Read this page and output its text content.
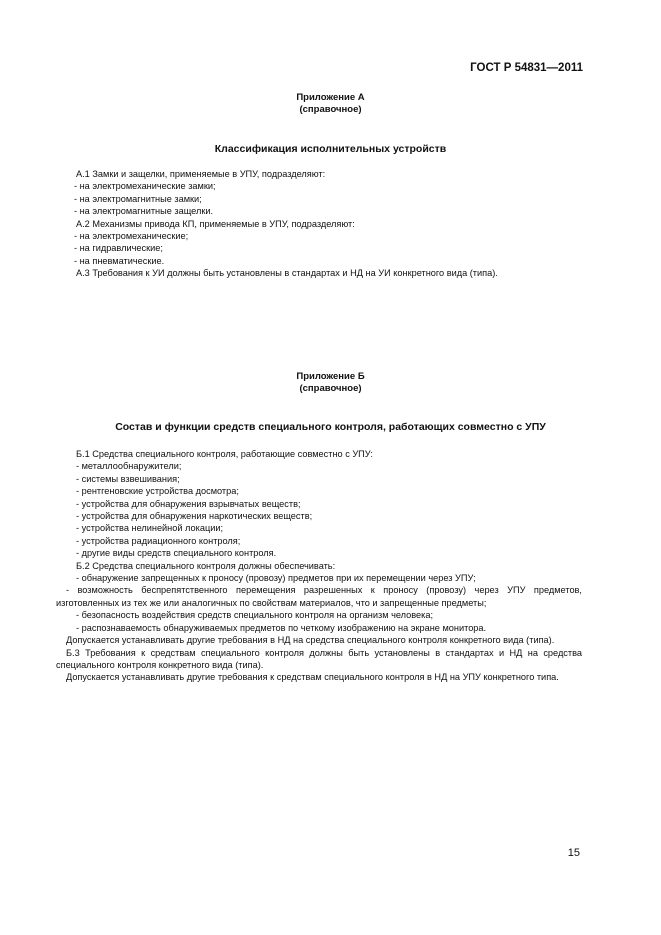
ГОСТ Р 54831—2011
Приложение А
(справочное)
Классификация исполнительных устройств

А.1 Замки и защелки, применяемые в УПУ, подразделяют:

- на электромеханические замки;

- на электромагнитные замки;

- на электромагнитные защелки.

А.2 Механизмы привода КП, применяемые в УПУ, подразделяют:

- на электромеханические;

- на гидравлические;

- на пневматические.

А.3 Требования к УИ должны быть установлены в стандартах и НД на УИ конкретного вида (типа).

Приложение Б
(справочное)
Состав и функции средств специального контроля, работающих совместно с УПУ

Б.1 Средства специального контроля, работающие совместно с УПУ:

- металлообнаружители;

- системы взвешивания;

- рентгеновские устройства досмотра;

- устройства для обнаружения взрывчатых веществ;

- устройства для обнаружения наркотических веществ;

- устройства нелинейной локации;

- устройства радиационного контроля;

- другие виды средств специального контроля.

Б.2 Средства специального контроля должны обеспечивать:

- обнаружение запрещенных к проносу (провозу) предметов при их перемещении через УПУ;

- возможность беспрепятственного перемещения разрешенных к проносу (провозу) через УПУ предметов, изготовленных из тех же или аналогичных по свойствам материалов, что и запрещенные предметы;

- безопасность воздействия средств специального контроля на организм человека;

- распознаваемость обнаруживаемых предметов по четкому изображению на экране монитора.

Допускается устанавливать другие требования в НД на средства специального контроля конкретного вида (типа).

Б.3 Требования к средствам специального контроля должны быть установлены в стандартах и НД на средства специального контроля конкретного вида (типа).

Допускается устанавливать другие требования к средствам специального контроля в НД на УПУ конкретного типа.

15
